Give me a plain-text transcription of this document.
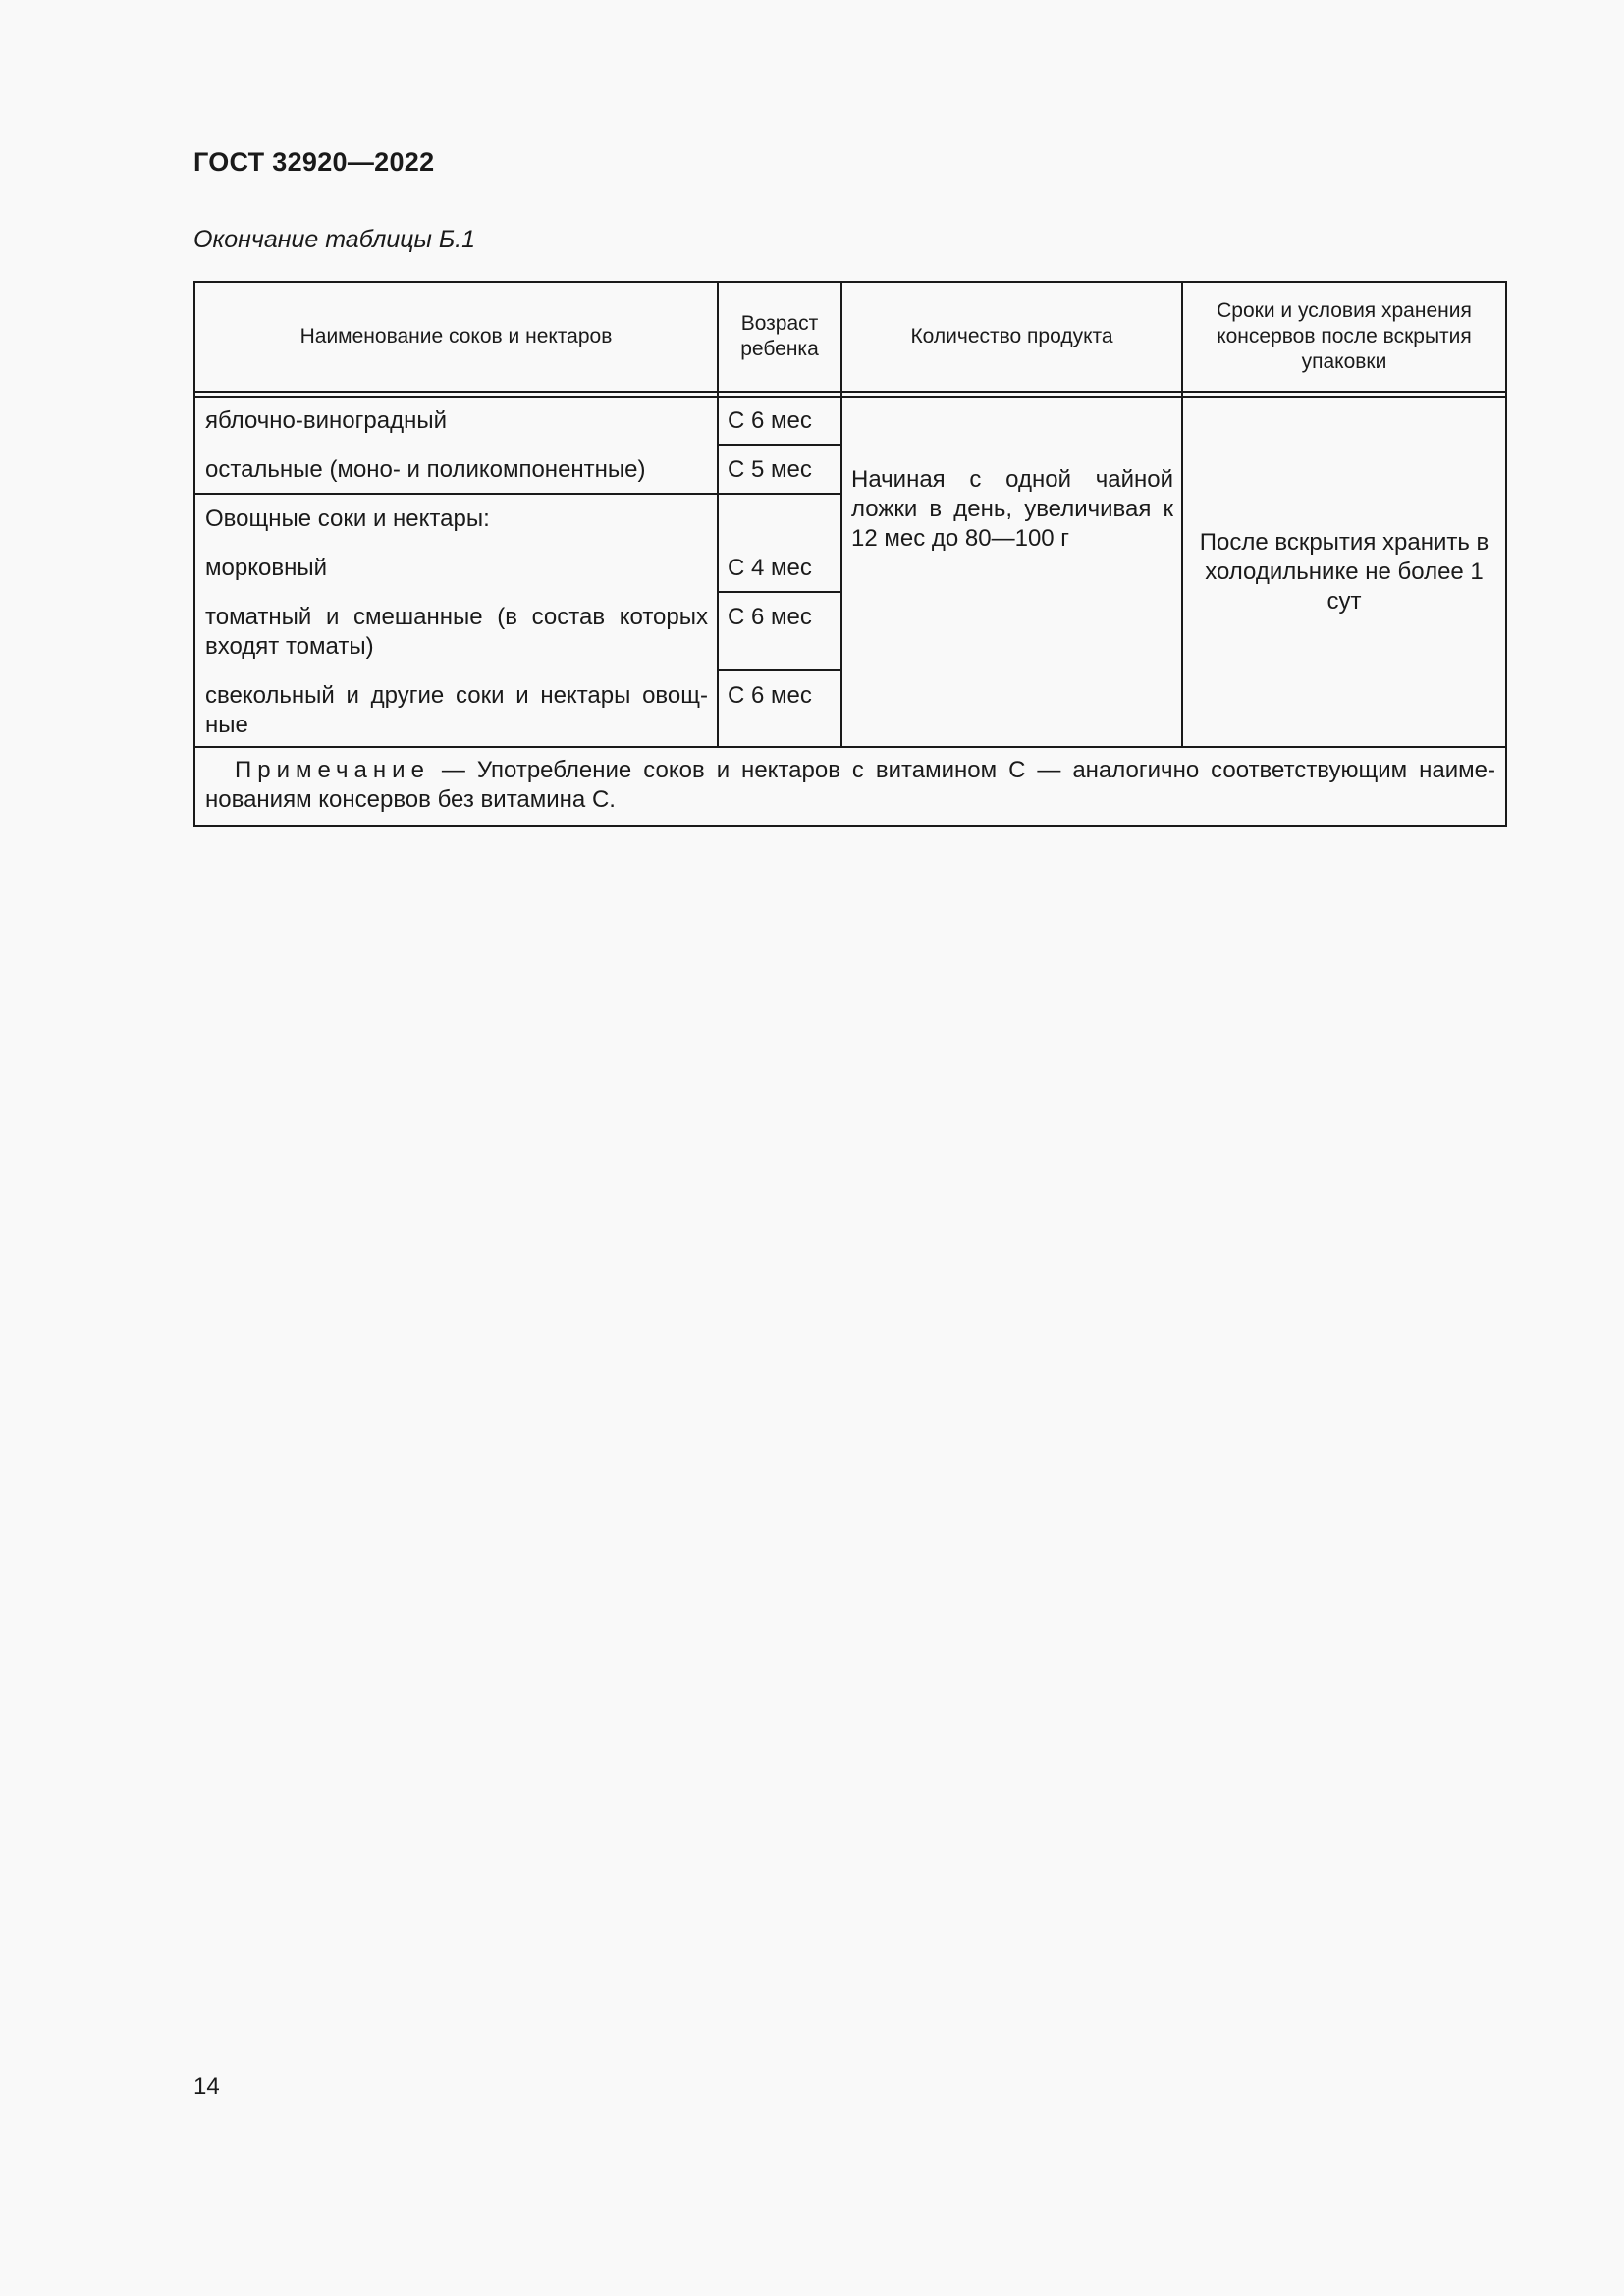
ГОСТ 32920—2022
Окончание таблицы Б.1
Наименование соков и нектаров
Возраст ребенка
Количество продукта
Сроки и условия хранения консервов после вскрытия упаковки
яблочно-виноградный
остальные (моно- и поликомпонентные)
Овощные соки и нектары:
морковный
томатный и смешанные (в состав которых входят томаты)
свекольный и другие соки и нектары овощ-ные
С 6 мес
С 5 мес
С 4 мес
С 6 мес
С 6 мес
Начиная с одной чайной ложки в день, увеличивая к 12 мес до 80—100 г	После вскрытия хранить в холодильнике не более 1 сут
Примечание — Употребление соков и нектаров с витамином С — аналогично соответствующим наиме-нованиям консервов без витамина С.
14
